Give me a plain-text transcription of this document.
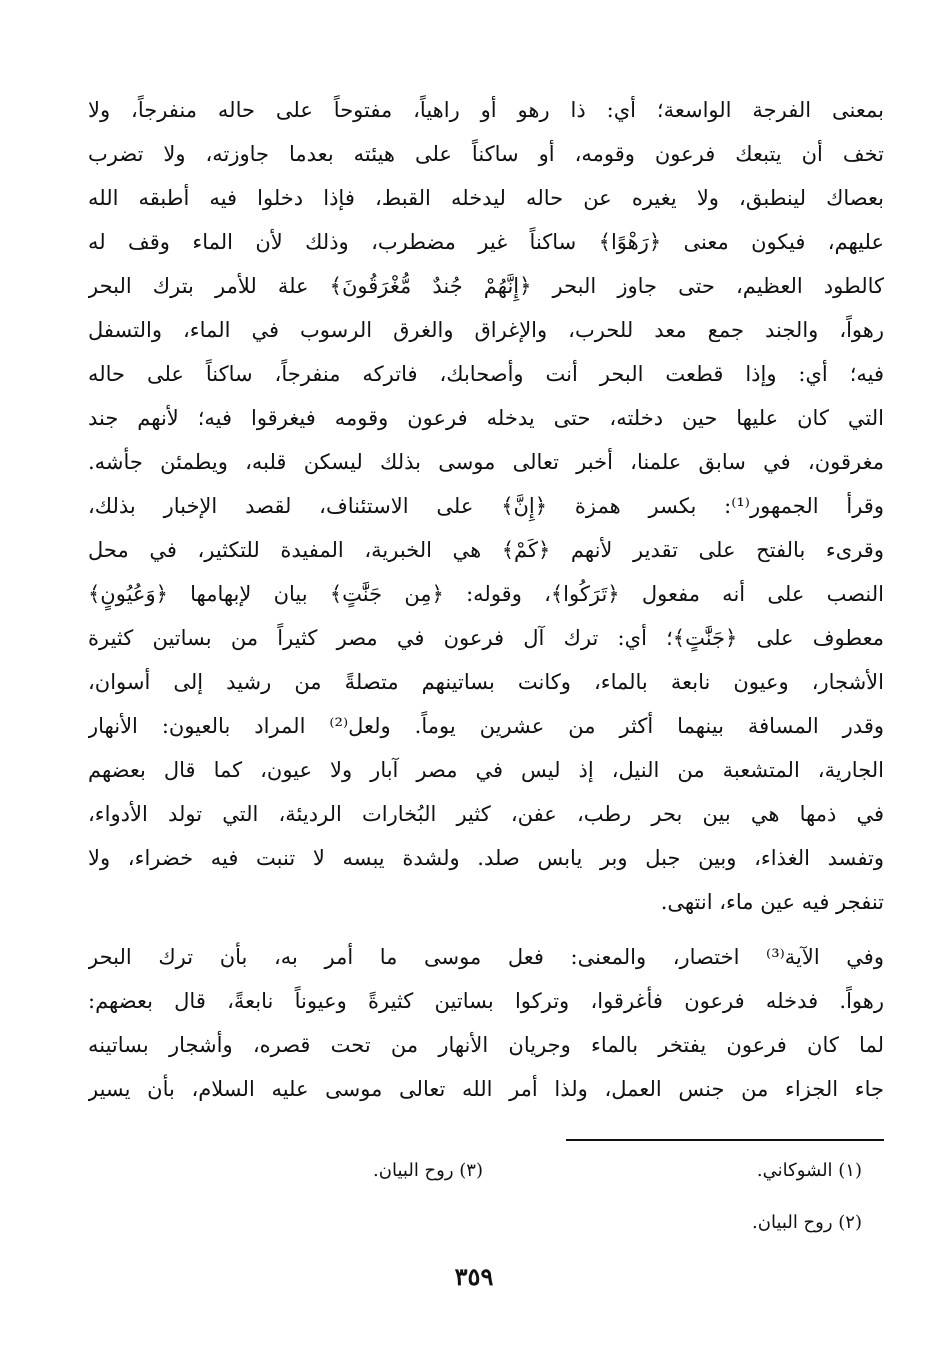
بمعنى الفرجة الواسعة؛ أي: ذا رهو أو راهياً، مفتوحاً على حاله منفرجاً، ولا
تخف أن يتبعك فرعون وقومه، أو ساكناً على هيئته بعدما جاوزته، ولا تضرب
بعصاك لينطبق، ولا يغيره عن حاله ليدخله القبط، فإذا دخلوا فيه أطبقه الله
عليهم، فيكون معنى ﴿رَهْوًا﴾ ساكناً غير مضطرب، وذلك لأن الماء وقف له
كالطود العظيم، حتى جاوز البحر ﴿إِنَّهُمْ جُندٌ مُّغْرَقُونَ﴾ علة للأمر بترك البحر
رهواً، والجند جمع معد للحرب، والإغراق والغرق الرسوب في الماء، والتسفل
فيه؛ أي: وإذا قطعت البحر أنت وأصحابك، فاتركه منفرجاً، ساكناً على حاله
التي كان عليها حين دخلته، حتى يدخله فرعون وقومه فيغرقوا فيه؛ لأنهم جند
مغرقون، في سابق علمنا، أخبر تعالى موسى بذلك ليسكن قلبه، ويطمئن جأشه.
وقرأ الجمهور⁽¹⁾: بكسر همزة ﴿إِنَّ﴾ على الاستئناف، لقصد الإخبار بذلك،
وقرىء بالفتح على تقدير لأنهم ﴿كَمْ﴾ هي الخبرية، المفيدة للتكثير، في محل
النصب على أنه مفعول ﴿تَرَكُوا﴾، وقوله: ﴿مِن جَنَّٰتٍ﴾ بيان لإبهامها ﴿وَعُيُونٍ﴾
معطوف على ﴿جَنَّٰتٍ﴾؛ أي: ترك آل فرعون في مصر كثيراً من بساتين كثيرة
الأشجار، وعيون نابعة بالماء، وكانت بساتينهم متصلةً من رشيد إلى أسوان،
وقدر المسافة بينهما أكثر من عشرين يوماً. ولعل⁽²⁾ المراد بالعيون: الأنهار
الجارية، المتشعبة من النيل، إذ ليس في مصر آبار ولا عيون، كما قال بعضهم
في ذمها هي بين بحر رطب، عفن، كثير البُخارات الرديئة، التي تولد الأدواء،
وتفسد الغذاء، وبين جبل وبر يابس صلد. ولشدة يبسه لا تنبت فيه خضراء، ولا
تنفجر فيه عين ماء، انتهى.
وفي الآية⁽³⁾ اختصار، والمعنى: فعل موسى ما أمر به، بأن ترك البحر
رهواً. فدخله فرعون فأغرقوا، وتركوا بساتين كثيرةً وعيوناً نابعةً، قال بعضهم:
لما كان فرعون يفتخر بالماء وجريان الأنهار من تحت قصره، وأشجار بساتينه
جاء الجزاء من جنس العمل، ولذا أمر الله تعالى موسى عليه السلام، بأن يسير
(١) الشوكاني.
(٣) روح البيان.
(٢) روح البيان.
٣٥٩
